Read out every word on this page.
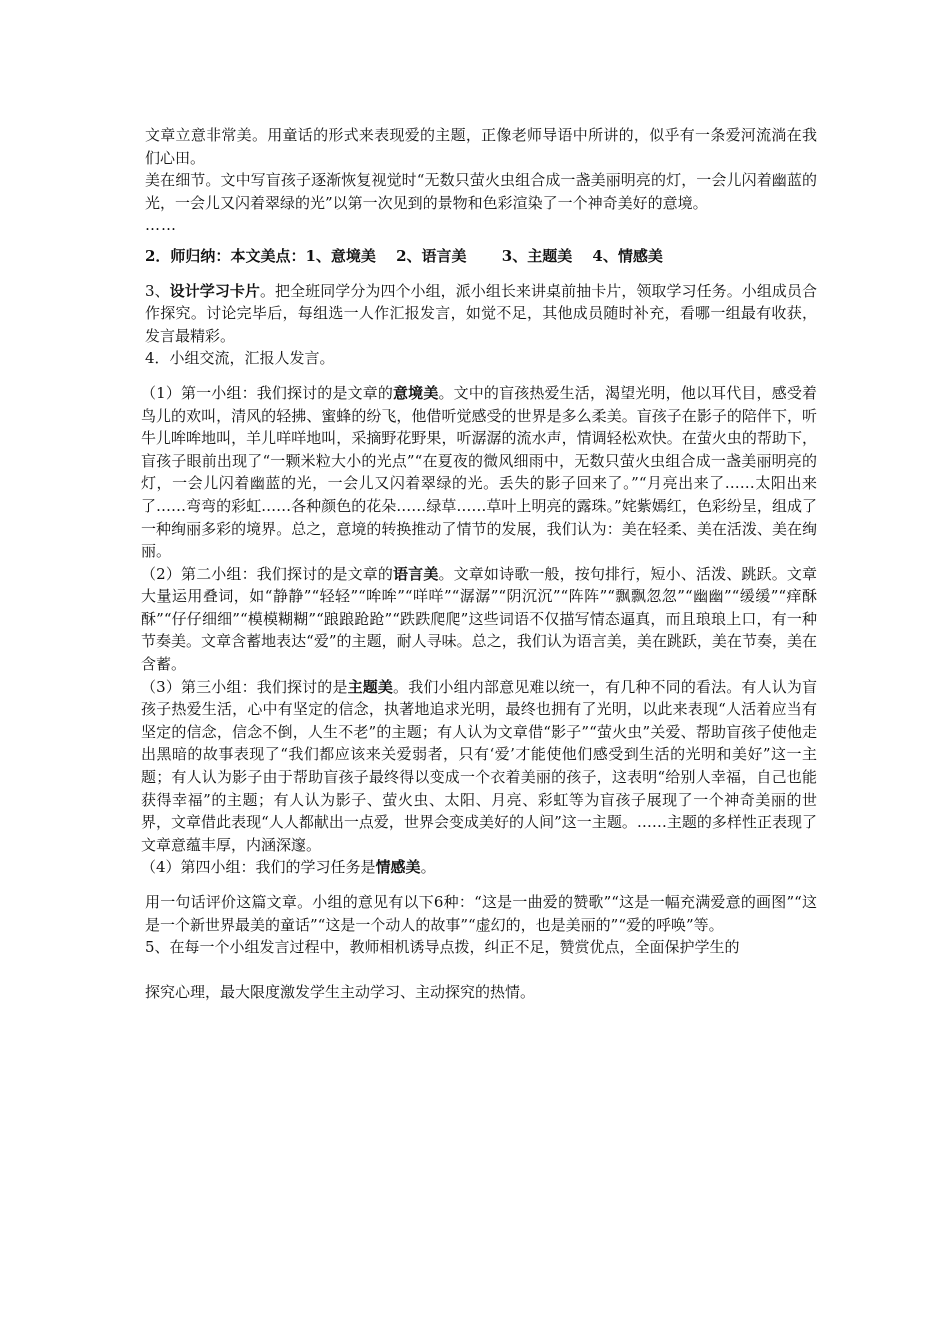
文章立意非常美。用童话的形式来表现爱的主题，正像老师导语中所讲的，似乎有一条爱河流淌在我们心田。

美在细节。文中写盲孩子逐渐恢复视觉时“无数只萤火虫组合成一盏美丽明亮的灯，一会儿闪着幽蓝的光，一会儿又闪着翠绿的光”以第一次见到的景物和色彩渲染了一个神奇美好的意境。

……

2．师归纳：本文美点：1、意境美　 2、语言美　　 3、主题美　 4、情感美

3、设计学习卡片。把全班同学分为四个小组，派小组长来讲桌前抽卡片，领取学习任务。小组成员合作探究。讨论完毕后，每组选一人作汇报发言，如觉不足，其他成员随时补充，看哪一组最有收获，发言最精彩。

4．小组交流，汇报人发言。

（1）第一小组：我们探讨的是文章的意境美。文中的盲孩热爱生活，渴望光明，他以耳代目，感受着鸟儿的欢叫，清风的轻拂、蜜蜂的纷飞，他借听觉感受的世界是多么柔美。盲孩子在影子的陪伴下，听牛儿哞哞地叫，羊儿咩咩地叫，采摘野花野果，听潺潺的流水声，情调轻松欢快。在萤火虫的帮助下，盲孩子眼前出现了“一颗米粒大小的光点”“在夏夜的微风细雨中，无数只萤火虫组合成一盏美丽明亮的灯，一会儿闪着幽蓝的光，一会儿又闪着翠绿的光。丢失的影子回来了。”“月亮出来了……太阳出来了……弯弯的彩虹……各种颜色的花朵……绿草……草叶上明亮的露珠。”姹紫嫣红，色彩纷呈，组成了一种绚丽多彩的境界。总之，意境的转换推动了情节的发展，我们认为：美在轻柔、美在活泼、美在绚丽。

（2）第二小组：我们探讨的是文章的语言美。文章如诗歌一般，按句排行，短小、活泼、跳跃。文章大量运用叠词，如“静静”“轻轻”“哞哞”“咩咩”“潺潺”“阴沉沉”“阵阵”“飘飘忽忽”“幽幽”“缓缓”“痒酥酥”“仔仔细细”“模模糊糊”“踉踉跄跄”“跌跌爬爬”这些词语不仅描写情态逼真，而且琅琅上口，有一种节奏美。文章含蓄地表达“爱”的主题，耐人寻味。总之，我们认为语言美，美在跳跃，美在节奏，美在含蓄。

（3）第三小组：我们探讨的是主题美。我们小组内部意见难以统一，有几种不同的看法。有人认为盲孩子热爱生活，心中有坚定的信念，执著地追求光明，最终也拥有了光明，以此来表现“人活着应当有坚定的信念，信念不倒，人生不老”的主题；有人认为文章借“影子”“萤火虫”关爱、帮助盲孩子使他走出黑暗的故事表现了“我们都应该来关爱弱者，只有‘爱’才能使他们感受到生活的光明和美好”这一主题；有人认为影子由于帮助盲孩子最终得以变成一个衣着美丽的孩子，这表明“给别人幸福，自己也能获得幸福”的主题；有人认为影子、萤火虫、太阳、月亮、彩虹等为盲孩子展现了一个神奇美丽的世界，文章借此表现“人人都献出一点爱，世界会变成美好的人间”这一主题。……主题的多样性正表现了文章意蕴丰厚，内涵深邃。

（4）第四小组：我们的学习任务是情感美。

用一句话评价这篇文章。小组的意见有以下6种：“这是一曲爱的赞歌”“这是一幅充满爱意的画图”“这是一个新世界最美的童话”“这是一个动人的故事”“虚幻的，也是美丽的”“爱的呼唤”等。

5、在每一个小组发言过程中，教师相机诱导点拨，纠正不足，赞赏优点，全面保护学生的

探究心理，最大限度激发学生主动学习、主动探究的热情。
